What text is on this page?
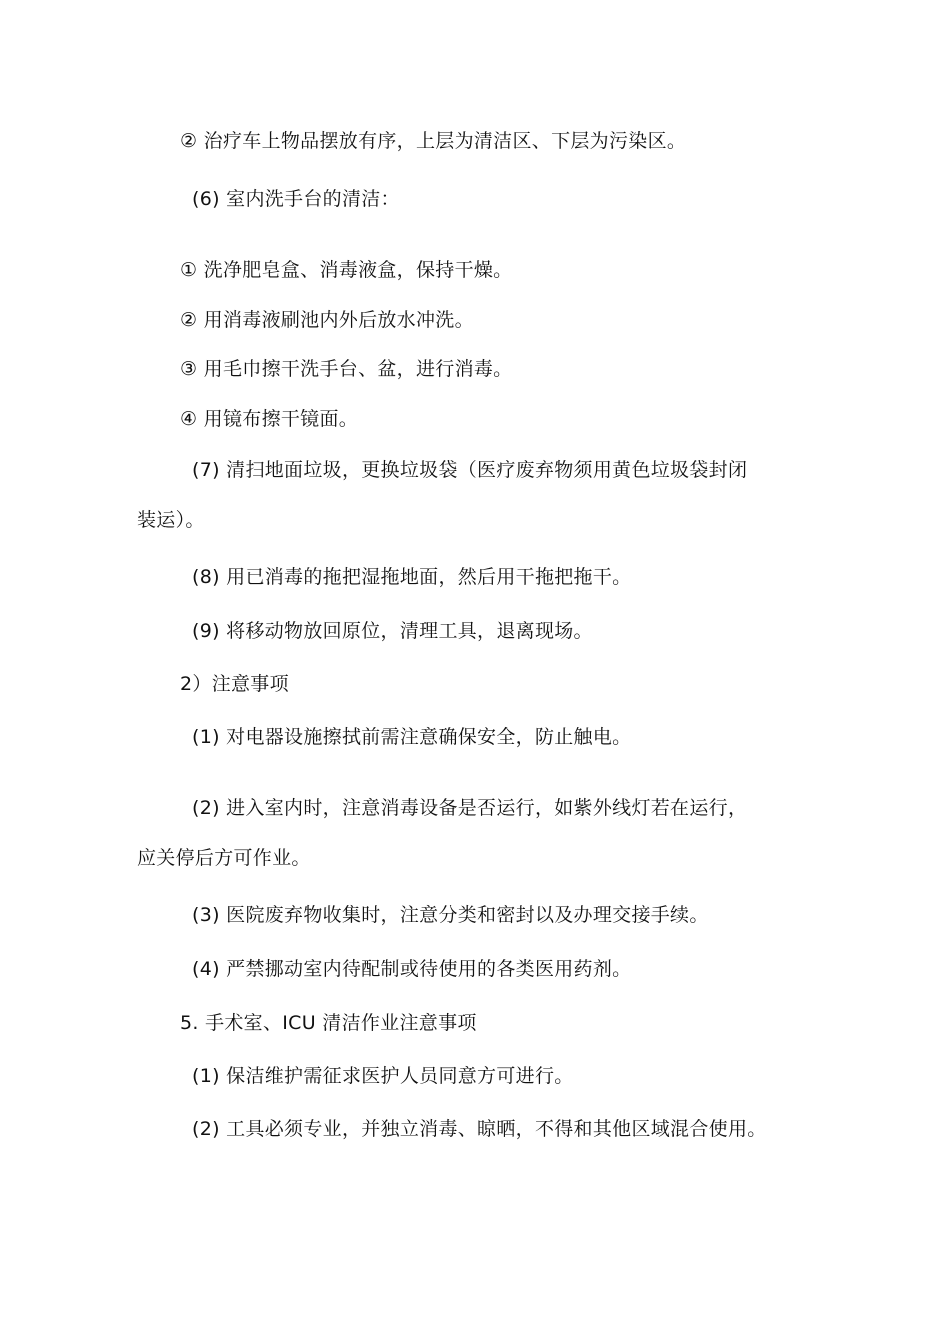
② 治疗车上物品摆放有序，上层为清洁区、下层为污染区。
(6) 室内洗手台的清洁：
① 洗净肥皂盒、消毒液盒，保持干燥。
② 用消毒液刷池内外后放水冲洗。
③ 用毛巾擦干洗手台、盆，进行消毒。
④ 用镜布擦干镜面。
(7) 清扫地面垃圾，更换垃圾袋（医疗废弃物须用黄色垃圾袋封闭
装运）。
(8) 用已消毒的拖把湿拖地面，然后用干拖把拖干。
(9) 将移动物放回原位，清理工具，退离现场。
2）注意事项
(1) 对电器设施擦拭前需注意确保安全，防止触电。
(2) 进入室内时，注意消毒设备是否运行，如紫外线灯若在运行，
应关停后方可作业。
(3) 医院废弃物收集时，注意分类和密封以及办理交接手续。
(4) 严禁挪动室内待配制或待使用的各类医用药剂。
5. 手术室、ICU 清洁作业注意事项
(1) 保洁维护需征求医护人员同意方可进行。
(2) 工具必须专业，并独立消毒、晾晒，不得和其他区域混合使用。
